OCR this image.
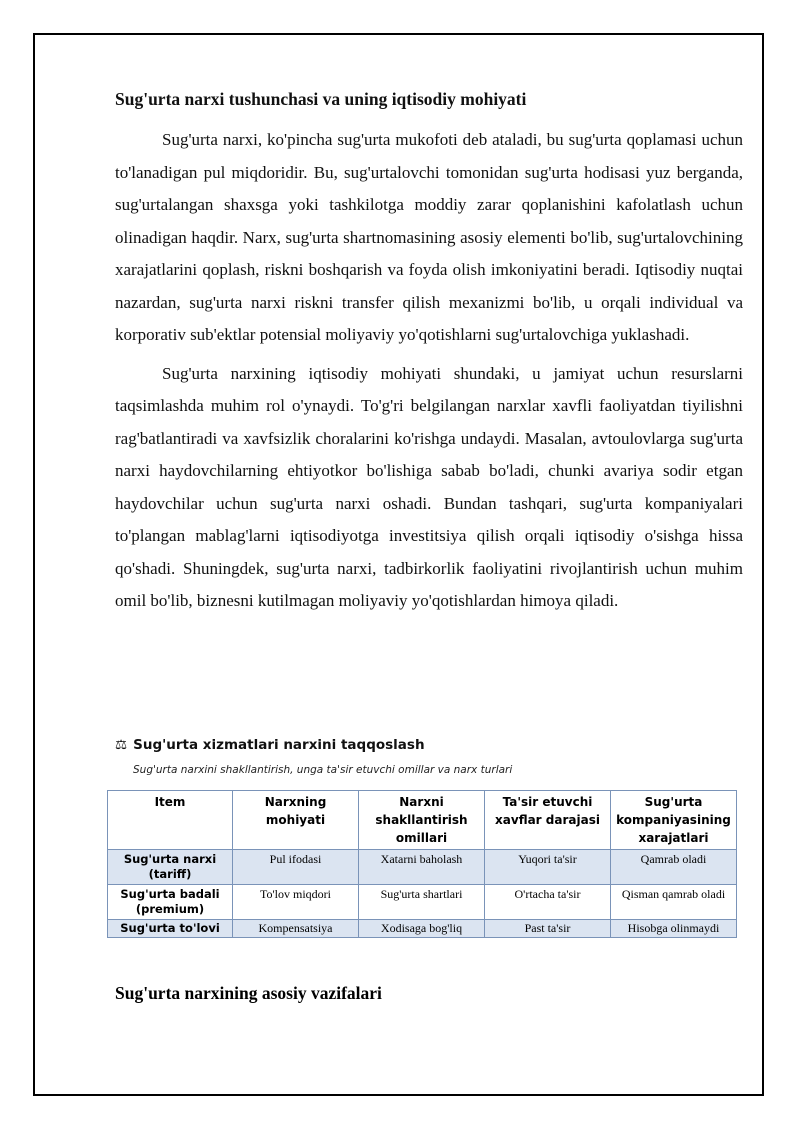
Sug'urta narxi tushunchasi va uning iqtisodiy mohiyati

Sug'urta narxi, ko'pincha sug'urta mukofoti deb ataladi, bu sug'urta qoplamasi uchun to'lanadigan pul miqdoridir. Bu, sug'urtalovchi tomonidan sug'urta hodisasi yuz berganda, sug'urtalangan shaxsga yoki tashkilotga moddiy zarar qoplanishini kafolatlash uchun olinadigan haqdir. Narx, sug'urta shartnomasining asosiy elementi bo'lib, sug'urtalovchining xarajatlarini qoplash, riskni boshqarish va foyda olish imkoniyatini beradi. Iqtisodiy nuqtai nazardan, sug'urta narxi riskni transfer qilish mexanizmi bo'lib, u orqali individual va korporativ sub'ektlar potensial moliyaviy yo'qotishlarni sug'urtalovchiga yuklashadi.

Sug'urta narxining iqtisodiy mohiyati shundaki, u jamiyat uchun resurslarni taqsimlashda muhim rol o'ynaydi. To'g'ri belgilangan narxlar xavfli faoliyatdan tiyilishni rag'batlantiradi va xavfsizlik choralarini ko'rishga undaydi. Masalan, avtoulovlarga sug'urta narxi haydovchilarning ehtiyotkor bo'lishiga sabab bo'ladi, chunki avariya sodir etgan haydovchilar uchun sug'urta narxi oshadi. Bundan tashqari, sug'urta kompaniyalari to'plangan mablag'larni iqtisodiyotga investitsiya qilish orqali iqtisodiy o'sishga hissa qo'shadi. Shuningdek, sug'urta narxi, tadbirkorlik faoliyatini rivojlantirish uchun muhim omil bo'lib, biznesni kutilmagan moliyaviy yo'qotishlardan himoya qiladi.

⚖ Sug'urta xizmatlari narxini taqqoslash

Sug'urta narxini shakllantirish, unga ta'sir etuvchi omillar va narx turlari

Item	Narxning mohiyati	Narxni shakllantirish omillari	Ta'sir etuvchi xavflar darajasi	Sug'urta kompaniyasining xarajatlari
Sug'urta narxi (tariff)	Pul ifodasi	Xatarni baholash	Yuqori ta'sir	Qamrab oladi
Sug'urta badali (premium)	To'lov miqdori	Sug'urta shartlari	O'rtacha ta'sir	Qisman qamrab oladi
Sug'urta to'lovi	Kompensatsiya	Xodisaga bog'liq	Past ta'sir	Hisobga olinmaydi
Sug'urta narxining asosiy vazifalari
